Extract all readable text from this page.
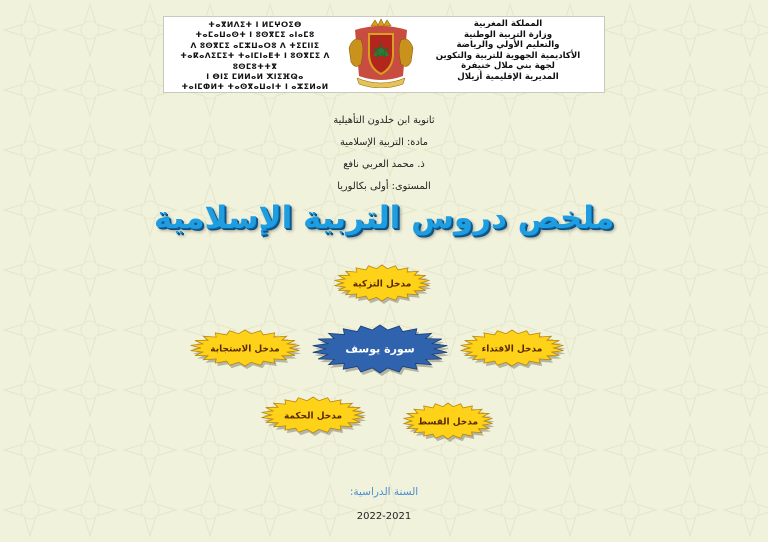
ⵜⴰⴳⵍⴷⵉⵜ ⵏ ⵍⵎⵖⵔⵉⴱ
ⵜⴰⵎⴰⵡⴰⵙⵜ ⵏ ⵓⵙⴳⵎⵉ ⴰⵏⴰⵎⵓ
ⴷ ⵓⵙⴳⵎⵉ ⴰⵎⵣⵡⴰⵔⵓ ⴷ ⵜⵉⵎⵏⵏⵉ
ⵜⴰⴽⴰⴷⵉⵎⵉⵜ ⵜⴰⵏⵎⵏⴰⴹⵜ ⵏ ⵓⵙⴳⵎⵉ ⴷ ⵓⵙⵎⵓⵜⵜⴳ
ⵏ ⴱⵏⵉ ⵎⵍⵍⴰⵍ ⵅⵏⵉⴼⵕⴰ
ⵜⴰⵏⵎⵀⵍⵜ ⵜⴰⵙⴳⴰⵡⴰⵏⵜ ⵏ ⴰⵣⵉⵍⴰⵍ
المملكة المغربية
وزارة التربية الوطنية
والتعليم الأولي والرياضة
الأكاديمية الجهوية للتربية والتكوين
لجهة بني ملال خنيفرة
المديرية الإقليمية أزيلال
ثانوية ابن خلدون التأهيلية
مادة: التربية الإسلامية
ذ. محمد العربي نافع
المستوى: أولى بكالوريا
ملخص دروس التربية الإسلامية
مدخل التزكية
مدخل الاستجابة	مدخل الاقتداء
مدخل الحكمة
مدخل القسط
سورة يوسف
السنة الدراسية:
2022-2021
